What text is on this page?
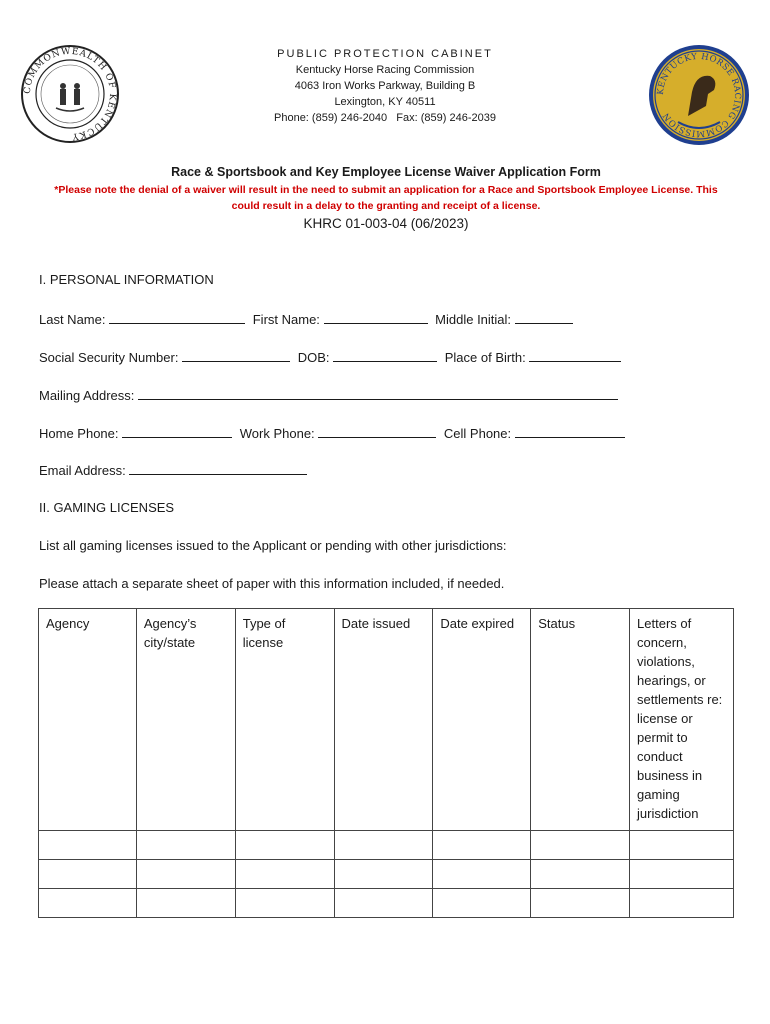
COMMONWEALTH OF KENTUCKY
PUBLIC PROTECTION CABINET
Kentucky Horse Racing Commission
4063 Iron Works Parkway, Building B
Lexington, KY 40511
Phone: (859) 246-2040   Fax: (859) 246-2039
KENTUCKY HORSE RACING COMMISSION
Race & Sportsbook and Key Employee License Waiver Application Form
*Please note the denial of a waiver will result in the need to submit an application for a Race and Sportsbook Employee License. This
could result in a delay to the granting and receipt of a license.
KHRC 01-003-04 (06/2023)
I. PERSONAL INFORMATION
Last Name:	First Name:	Middle Initial:
Social Security Number:	DOB:	Place of Birth:
Mailing Address:
Home Phone:	Work Phone:	Cell Phone:
Email Address:
II. GAMING LICENSES
List all gaming licenses issued to the Applicant or pending with other jurisdictions:
Please attach a separate sheet of paper with this information included, if needed.
Agency	Agency’s city/state	Type of license	Date issued	Date expired	Status	Letters of concern, violations, hearings, or settlements re: license or permit to conduct business in gaming jurisdiction
